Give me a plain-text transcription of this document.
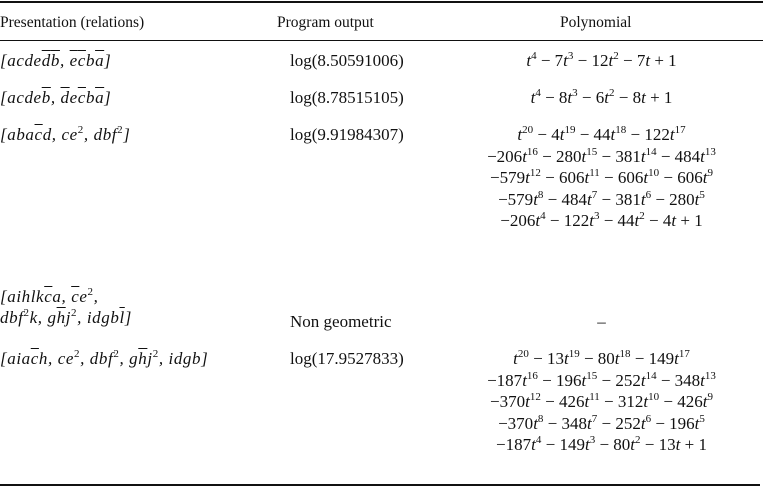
Presentation (relations)	Program output	Polynomial
[$acde\overline{d}\overline{b}$, $\overline{e}\overline{c}b\overline{a}$]	log(8.50591006)	$t^4 - 7t^3 - 12t^2 - 7t + 1$
[$acde\overline{b}$, $\overline{d}e\overline{c}b\overline{a}$]	log(8.78515105)	$t^4 - 8t^3 - 6t^2 - 8t + 1$
[$aba\overline{c}d$, $ce^2$, dbf$^2$]	log(9.91984307)	$t^{20} - 4t^{19} - 44t^{18} - 122t^{17}$
$-206t^{16} - 280t^{15} - 381t^{14} - 484t^{13}$
$-579t^{12} - 606t^{11} - 606t^{10} - 606t^9$
$-579t^8 - 484t^7 - 381t^6 - 280t^5$
$-206t^4 - 122t^3 - 44t^2 - 4t + 1$
[$aihlk\overline{c}a$, $\overline{c}e^2$,
dbf$^2$k, $g\overline{h}j^2$, $idgb\overline{l}$]	Non geometric	–
[$aia\overline{c}h$, $ce^2$, dbf$^2$, $g\overline{h}j^2$, idgb]	log(17.9527833)	$t^{20} - 13t^{19} - 80t^{18} - 149t^{17}$
$-187t^{16} - 196t^{15} - 252t^{14} - 348t^{13}$
$-370t^{12} - 426t^{11} - 312t^{10} - 426t^9$
$-370t^8 - 348t^7 - 252t^6 - 196t^5$
$-187t^4 - 149t^3 - 80t^2 - 13t + 1$
